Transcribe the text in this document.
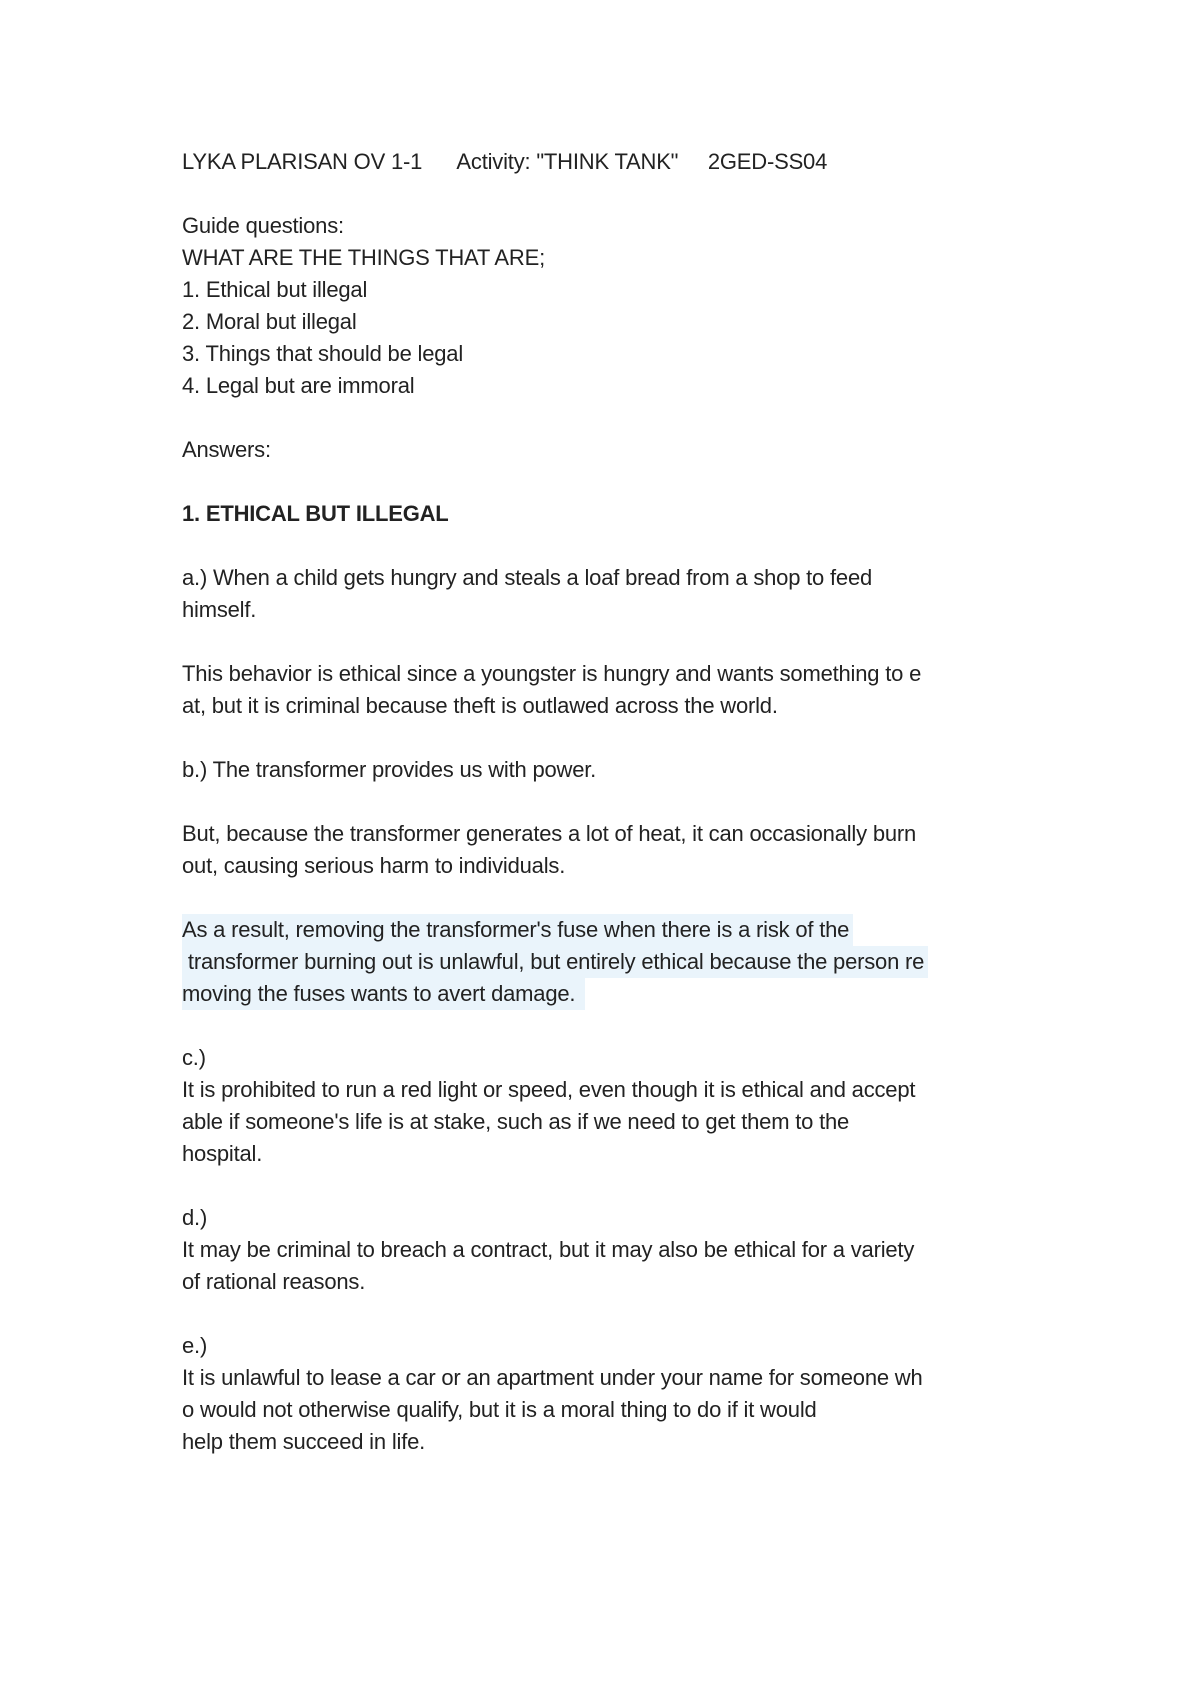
LYKA PLARISAN OV 1-1 Activity: "THINK TANK" 2GED-SS04
Guide questions:
WHAT ARE THE THINGS THAT ARE;
1. Ethical but illegal
2. Moral but illegal
3. Things that should be legal
4. Legal but are immoral
Answers:
1. ETHICAL BUT ILLEGAL
a.) When a child gets hungry and steals a loaf bread from a shop to feed
himself.
This behavior is ethical since a youngster is hungry and wants something to e
at, but it is criminal because theft is outlawed across the world.
b.) The transformer provides us with power.
But, because the transformer generates a lot of heat, it can occasionally burn
out, causing serious harm to individuals.
As a result, removing the transformer's fuse when there is a risk of the
transformer burning out is unlawful, but entirely ethical because the person re
moving the fuses wants to avert damage.
c.)
It is prohibited to run a red light or speed, even though it is ethical and accept
able if someone's life is at stake, such as if we need to get them to the
hospital.
d.)
It may be criminal to breach a contract, but it may also be ethical for a variety
of rational reasons.
e.)
It is unlawful to lease a car or an apartment under your name for someone wh
o would not otherwise qualify, but it is a moral thing to do if it would
help them succeed in life.
